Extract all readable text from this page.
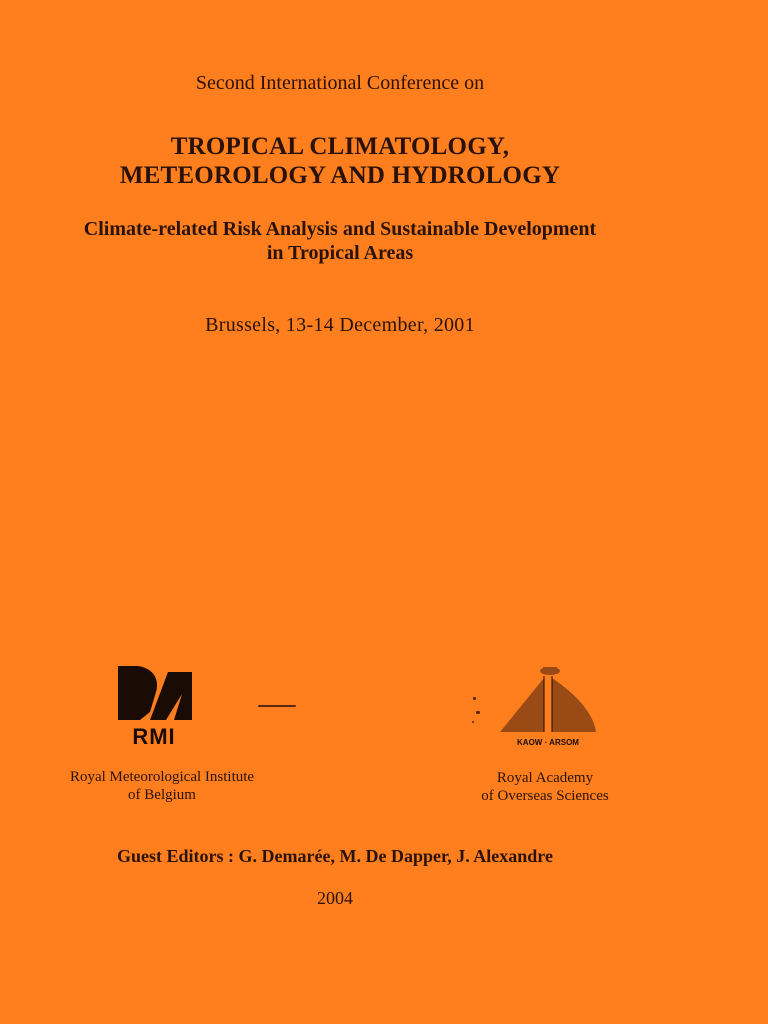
Second International Conference on
TROPICAL CLIMATOLOGY,
METEOROLOGY AND HYDROLOGY
Climate-related Risk Analysis and Sustainable Development
in Tropical Areas
Brussels, 13-14 December, 2001
RMI	KAOW · ARSOM
Royal Meteorological Institute
of Belgium
Royal Academy
of Overseas Sciences
Guest Editors : G. Demarée, M. De Dapper, J. Alexandre
2004
